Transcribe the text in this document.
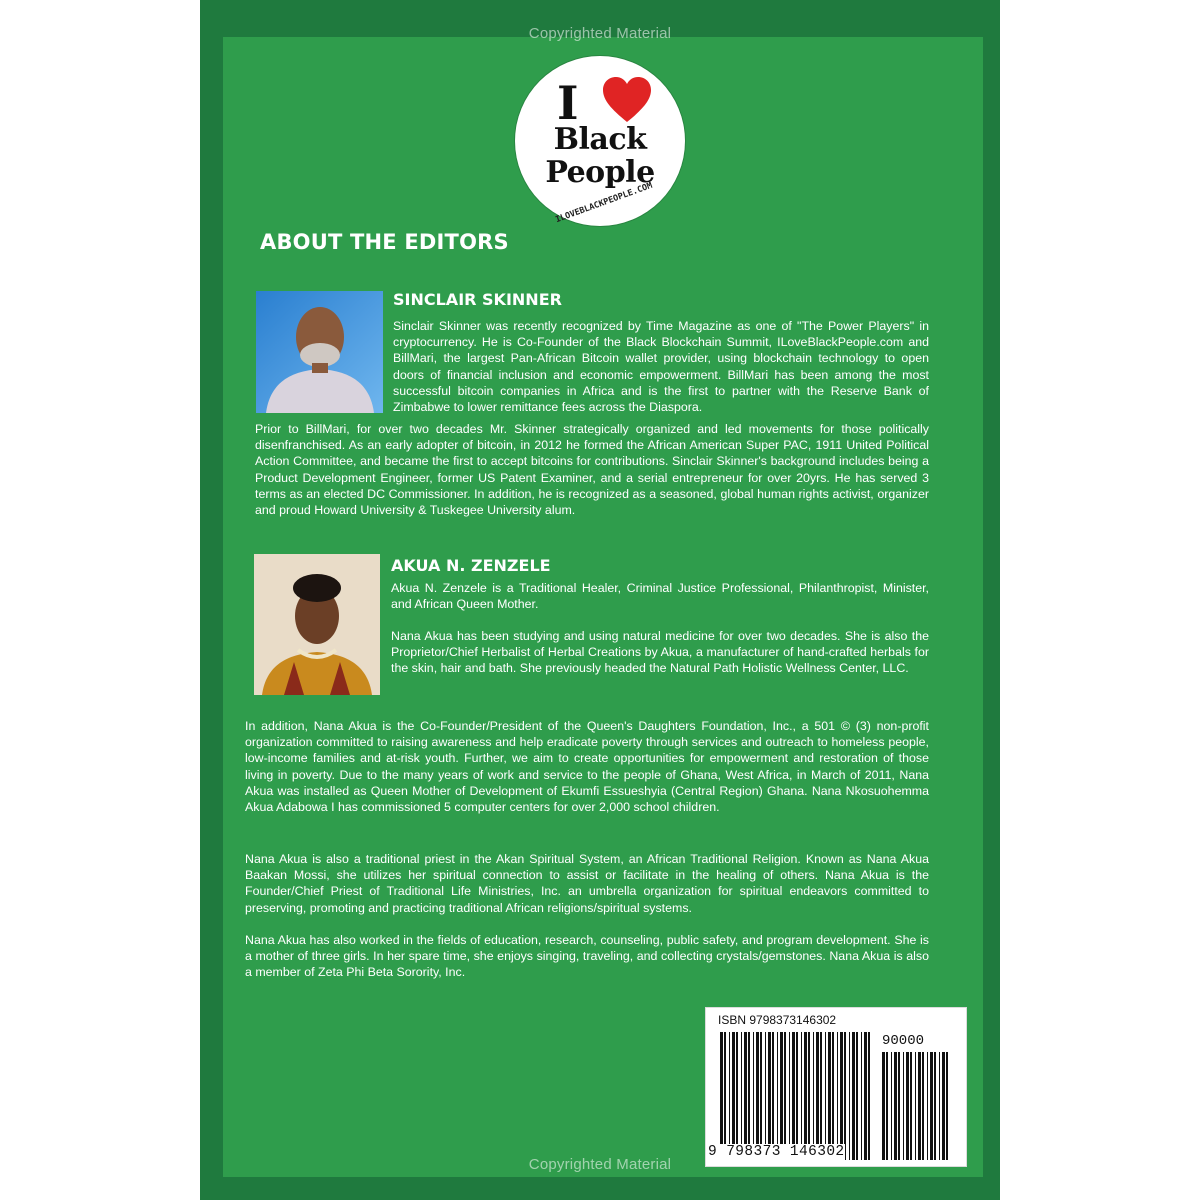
Copyrighted Material
I
Black
People
ILOVEBLACKPEOPLE.COM
ABOUT THE EDITORS
SINCLAIR SKINNER

Sinclair Skinner was recently recognized by Time Magazine as one of "The Power Players" in cryptocurrency. He is Co-Founder of the Black Blockchain Summit, ILoveBlackPeople.com and BillMari, the largest Pan-African Bitcoin wallet provider, using blockchain technology to open doors of financial inclusion and economic empowerment. BillMari has been among the most successful bitcoin companies in Africa and is the first to partner with the Reserve Bank of Zimbabwe to lower remittance fees across the Diaspora.

Prior to BillMari, for over two decades Mr. Skinner strategically organized and led movements for those politically disenfranchised. As an early adopter of bitcoin, in 2012 he formed the African American Super PAC, 1911 United Political Action Committee, and became the first to accept bitcoins for contributions. Sinclair Skinner's background includes being a Product Development Engineer, former US Patent Examiner, and a serial entrepreneur for over 20yrs. He has served 3 terms as an elected DC Commissioner. In addition, he is recognized as a seasoned, global human rights activist, organizer and proud Howard University & Tuskegee University alum.

AKUA N. ZENZELE

Akua N. Zenzele is a Traditional Healer, Criminal Justice Professional, Philanthropist, Minister, and African Queen Mother.

Nana Akua has been studying and using natural medicine for over two decades. She is also the Proprietor/Chief Herbalist of Herbal Creations by Akua, a manufacturer of hand-crafted herbals for the skin, hair and bath. She previously headed the Natural Path Holistic Wellness Center, LLC.

In addition, Nana Akua is the Co-Founder/President of the Queen's Daughters Foundation, Inc., a 501 © (3) non-profit organization committed to raising awareness and help eradicate poverty through services and outreach to homeless people, low-income families and at-risk youth. Further, we aim to create opportunities for empowerment and restoration of those living in poverty. Due to the many years of work and service to the people of Ghana, West Africa, in March of 2011, Nana Akua was installed as Queen Mother of Development of Ekumfi Essueshyia (Central Region) Ghana. Nana Nkosuohemma Akua Adabowa I has commissioned 5 computer centers for over 2,000 school children.

Nana Akua is also a traditional priest in the Akan Spiritual System, an African Traditional Religion. Known as Nana Akua Baakan Mossi, she utilizes her spiritual connection to assist or facilitate in the healing of others. Nana Akua is the Founder/Chief Priest of Traditional Life Ministries, Inc. an umbrella organization for spiritual endeavors committed to preserving, promoting and practicing traditional African religions/spiritual systems.

Nana Akua has also worked in the fields of education, research, counseling, public safety, and program development. She is a mother of three girls. In her spare time, she enjoys singing, traveling, and collecting crystals/gemstones. Nana Akua is also a member of Zeta Phi Beta Sorority, Inc.

ISBN 9798373146302
90000
9 798373 146302
Copyrighted Material
